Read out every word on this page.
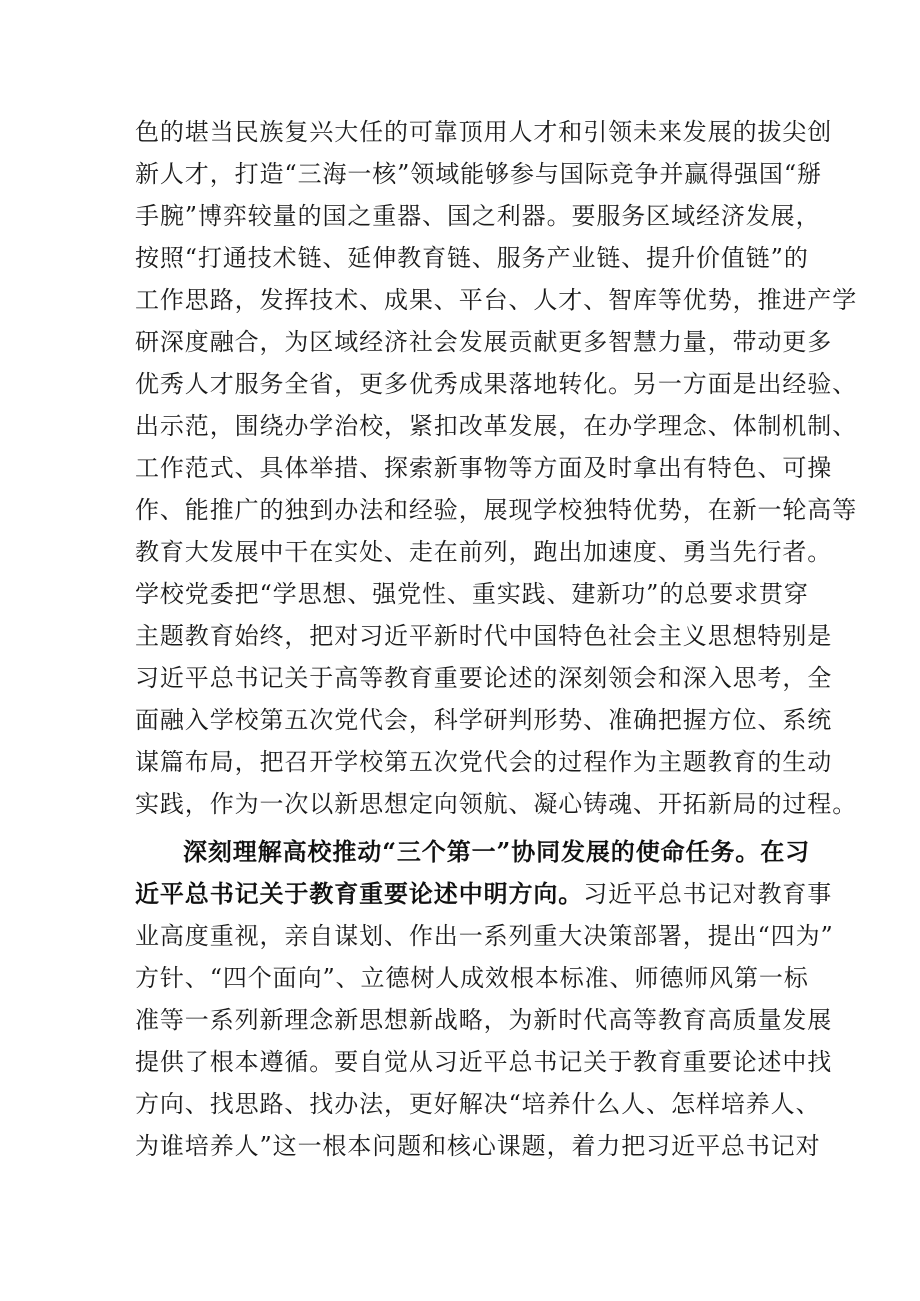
色的堪当民族复兴大任的可靠顶用人才和引领未来发展的拔尖创
新人才，打造“三海一核”领域能够参与国际竞争并赢得强国“掰
手腕”博弈较量的国之重器、国之利器。要服务区域经济发展，
按照“打通技术链、延伸教育链、服务产业链、提升价值链”的
工作思路，发挥技术、成果、平台、人才、智库等优势，推进产学
研深度融合，为区域经济社会发展贡献更多智慧力量，带动更多
优秀人才服务全省，更多优秀成果落地转化。另一方面是出经验、
出示范，围绕办学治校，紧扣改革发展，在办学理念、体制机制、
工作范式、具体举措、探索新事物等方面及时拿出有特色、可操
作、能推广的独到办法和经验，展现学校独特优势，在新一轮高等
教育大发展中干在实处、走在前列，跑出加速度、勇当先行者。
学校党委把“学思想、强党性、重实践、建新功”的总要求贯穿
主题教育始终，把对习近平新时代中国特色社会主义思想特别是
习近平总书记关于高等教育重要论述的深刻领会和深入思考，全
面融入学校第五次党代会，科学研判形势、准确把握方位、系统
谋篇布局，把召开学校第五次党代会的过程作为主题教育的生动
实践，作为一次以新思想定向领航、凝心铸魂、开拓新局的过程。
深刻理解高校推动“三个第一”协同发展的使命任务。在习
近平总书记关于教育重要论述中明方向。习近平总书记对教育事
业高度重视，亲自谋划、作出一系列重大决策部署，提出“四为”
方针、“四个面向”、立德树人成效根本标准、师德师风第一标
准等一系列新理念新思想新战略，为新时代高等教育高质量发展
提供了根本遵循。要自觉从习近平总书记关于教育重要论述中找
方向、找思路、找办法，更好解决“培养什么人、怎样培养人、
为谁培养人”这一根本问题和核心课题，着力把习近平总书记对
